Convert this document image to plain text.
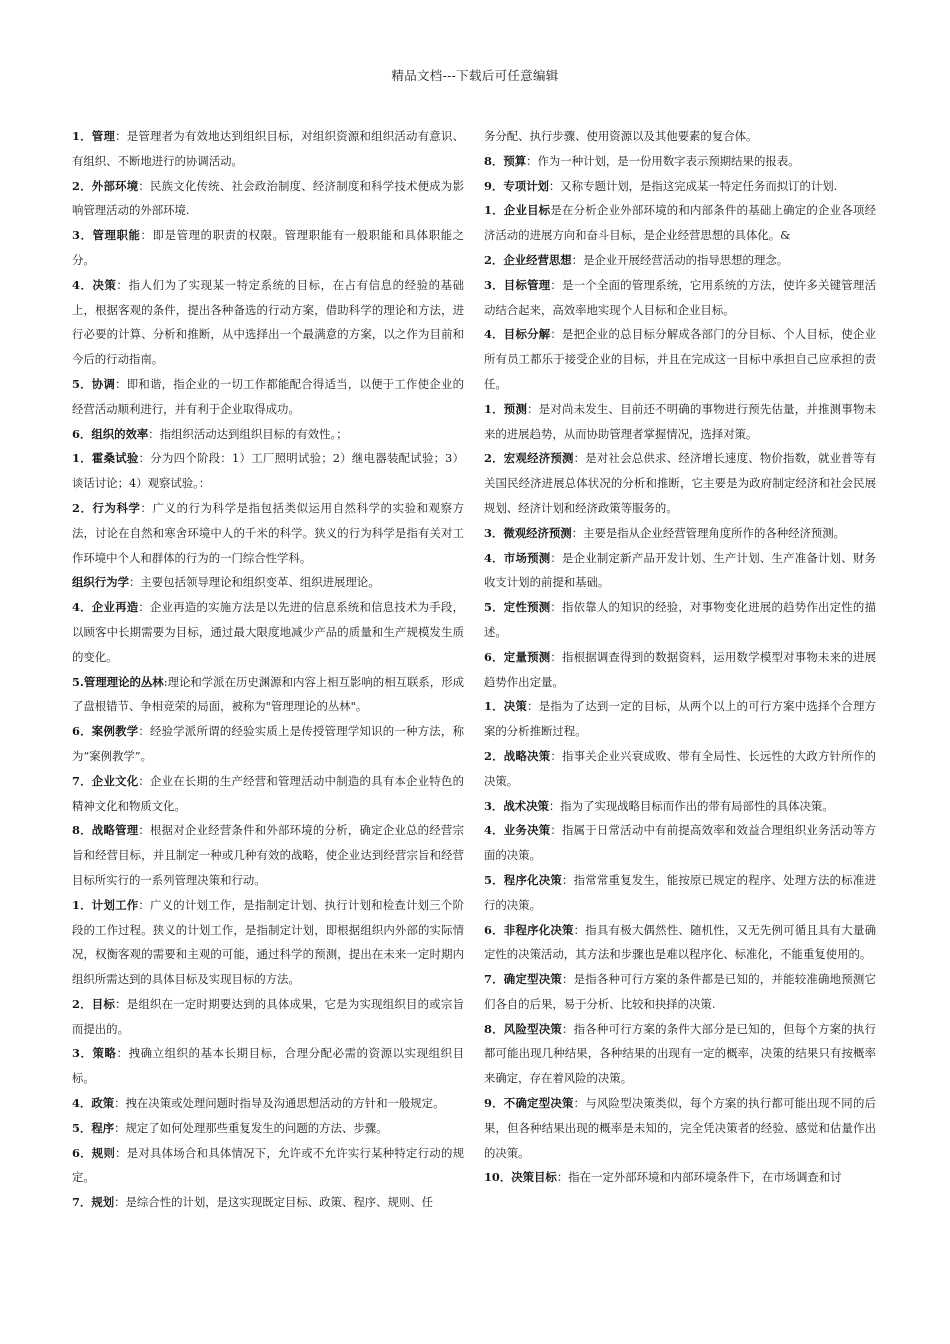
精品文档---下载后可任意编辑

1．管理：是管理者为有效地达到组织目标，对组织资源和组织活动有意识、有组织、不断地进行的协调活动。

2．外部环境：民族文化传统、社会政治制度、经济制度和科学技术便成为影响管理活动的外部环境.

3．管理职能：即是管理的职责的权限。管理职能有一般职能和具体职能之分。

4．决策：指人们为了实现某一特定系统的目标，在占有信息的经验的基础上，根据客观的条件，提出各种备选的行动方案，借助科学的理论和方法，进行必要的计算、分析和推断，从中选择出一个最满意的方案，以之作为目前和今后的行动指南。

5．协调：即和谐，指企业的一切工作都能配合得适当，以便于工作使企业的经营活动顺利进行，并有利于企业取得成功。

6．组织的效率：指组织活动达到组织目标的有效性。；

1．霍桑试验：分为四个阶段：1）工厂照明试验；2）继电器装配试验；3）谈话讨论；4）观察试验。：

2．行为科学：广义的行为科学是指包括类似运用自然科学的实验和观察方法，讨论在自然和寒舍环境中人的千米的科学。狭义的行为科学是指有关对工作环境中个人和群体的行为的一门综合性学科。

组织行为学：主要包括领导理论和组织变革、组织进展理论。

4．企业再造：企业再造的实施方法是以先进的信息系统和信息技术为手段，以顾客中长期需要为目标，通过最大限度地减少产品的质量和生产规模发生质的变化。

5.管理理论的丛林:理论和学派在历史渊源和内容上相互影响的相互联系，形成了盘根错节、争相竞荣的局面，被称为"管理理论的丛林"。

6．案例教学：经验学派所谓的经验实质上是传授管理学知识的一种方法，称为“案例教学”。

7．企业文化：企业在长期的生产经营和管理活动中制造的具有本企业特色的精神文化和物质文化。

8．战略管理：根据对企业经营条件和外部环境的分析，确定企业总的经营宗旨和经营目标，并且制定一种或几种有效的战略，使企业达到经营宗旨和经营目标所实行的一系列管理决策和行动。

1．计划工作：广义的计划工作，是指制定计划、执行计划和检查计划三个阶段的工作过程。狭义的计划工作，是指制定计划，即根据组织内外部的实际情况，权衡客观的需要和主观的可能，通过科学的预测，提出在未来一定时期内组织所需达到的具体目标及实现目标的方法。

2．目标：是组织在一定时期要达到的具体成果，它是为实现组织目的或宗旨而提出的。

3．策略：拽确立组织的基本长期目标，合理分配必需的资源以实现组织目标。

4．政策：拽在决策或处理问题时指导及沟通思想活动的方针和一般规定。

5．程序：规定了如何处理那些重复发生的问题的方法、步骤。

6．规则：是对具体场合和具体情况下，允许或不允许实行某种特定行动的规定。

7．规划：是综合性的计划，是这实现既定目标、政策、程序、规则、任

务分配、执行步骤、使用资源以及其他要素的复合体。

8．预算：作为一种计划，是一份用数字表示预期结果的报表。

9．专项计划：又称专题计划，是指这完成某一特定任务而拟订的计划.

1．企业目标是在分析企业外部环境的和内部条件的基础上确定的企业各项经济活动的进展方向和奋斗目标，是企业经营思想的具体化。&

2．企业经营思想：是企业开展经营活动的指导思想的理念。

3．目标管理：是一个全面的管理系统，它用系统的方法，使许多关键管理活动结合起来，高效率地实现个人目标和企业目标。

4．目标分解：是把企业的总目标分解成各部门的分目标、个人目标，使企业所有员工都乐于接受企业的目标，并且在完成这一目标中承担自己应承担的责任。

1．预测：是对尚未发生、目前还不明确的事物进行预先估量，并推测事物未来的进展趋势，从而协助管理者掌握情况，选择对策。

2．宏观经济预测：是对社会总供求、经济增长速度、物价指数，就业普等有关国民经济进展总体状况的分析和推断，它主要是为政府制定经济和社会民展规划、经济计划和经济政策等服务的。

3．微观经济预测：主要是指从企业经营管理角度所作的各种经济预测。

4．市场预测：是企业制定新产品开发计划、生产计划、生产准备计划、财务收支计划的前提和基础。

5．定性预测：指依靠人的知识的经验，对事物变化进展的趋势作出定性的描述。

6．定量预测：指根据调查得到的数据资料，运用数学模型对事物未来的进展趋势作出定量。

1．决策：是指为了达到一定的目标，从两个以上的可行方案中选择个合理方案的分析推断过程。

2．战略决策：指事关企业兴衰成败、带有全局性、长远性的大政方针所作的决策。

3．战术决策：指为了实现战略目标而作出的带有局部性的具体决策。

4．业务决策：指属于日常活动中有前提高效率和效益合理组织业务活动等方面的决策。

5．程序化决策：指常常重复发生，能按原已规定的程序、处理方法的标准进行的决策。

6．非程序化决策：指具有极大偶然性、随机性，又无先例可循且具有大量确定性的决策活动，其方法和步骤也是难以程序化、标准化，不能重复使用的。

7．确定型决策：是指各种可行方案的条件都是已知的，并能较准确地预测它们各自的后果，易于分析、比较和抉择的决策.

8．风险型决策：指各种可行方案的条件大部分是已知的，但每个方案的执行都可能出现几种结果，各种结果的出现有一定的概率，决策的结果只有按概率来确定，存在着风险的决策。

9．不确定型决策：与风险型决策类似，每个方案的执行都可能出现不同的后果，但各种结果出现的概率是未知的，完全凭决策者的经验、感觉和估量作出的决策。

10．决策目标：指在一定外部环境和内部环境条件下，在市场调查和讨
